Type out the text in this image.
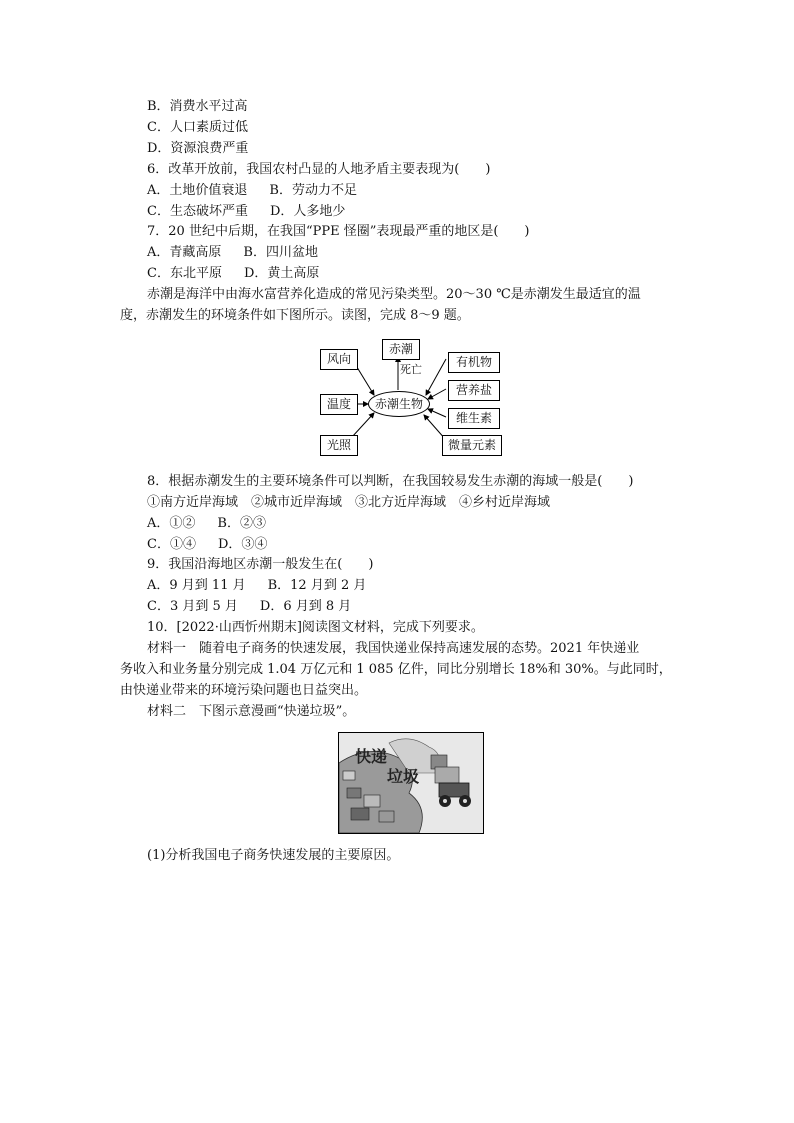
B．消费水平过高
C．人口素质过低
D．资源浪费严重
6．改革开放前，我国农村凸显的人地矛盾主要表现为(　　)
A．土地价值衰退 B．劳动力不足
C．生态破坏严重 D．人多地少
7．20 世纪中后期，在我国“PPE 怪圈”表现最严重的地区是(　　)
A．青藏高原 B．四川盆地
C．东北平原 D．黄土高原
赤潮是海洋中由海水富营养化造成的常见污染类型。20～30 ℃是赤潮发生最适宜的温
度，赤潮发生的环境条件如下图所示。读图，完成 8～9 题。
风向
温度
光照
赤潮
死亡
赤潮生物
有机物
营养盐
维生素
微量元素
8．根据赤潮发生的主要环境条件可以判断，在我国较易发生赤潮的海域一般是(　　)
①南方近岸海域　②城市近岸海域　③北方近岸海域　④乡村近岸海域
A．①② B．②③
C．①④ D．③④
9．我国沿海地区赤潮一般发生在(　　)
A．9 月到 11 月 B．12 月到 2 月
C．3 月到 5 月 D．6 月到 8 月
10．[2022·山西忻州期末]阅读图文材料，完成下列要求。
材料一　随着电子商务的快速发展，我国快递业保持高速发展的态势。2021 年快递业
务收入和业务量分别完成 1.04 万亿元和 1 085 亿件，同比分别增长 18%和 30%。与此同时，
由快递业带来的环境污染问题也日益突出。
材料二　下图示意漫画“快递垃圾”。
快递
垃圾
(1)分析我国电子商务快速发展的主要原因。
